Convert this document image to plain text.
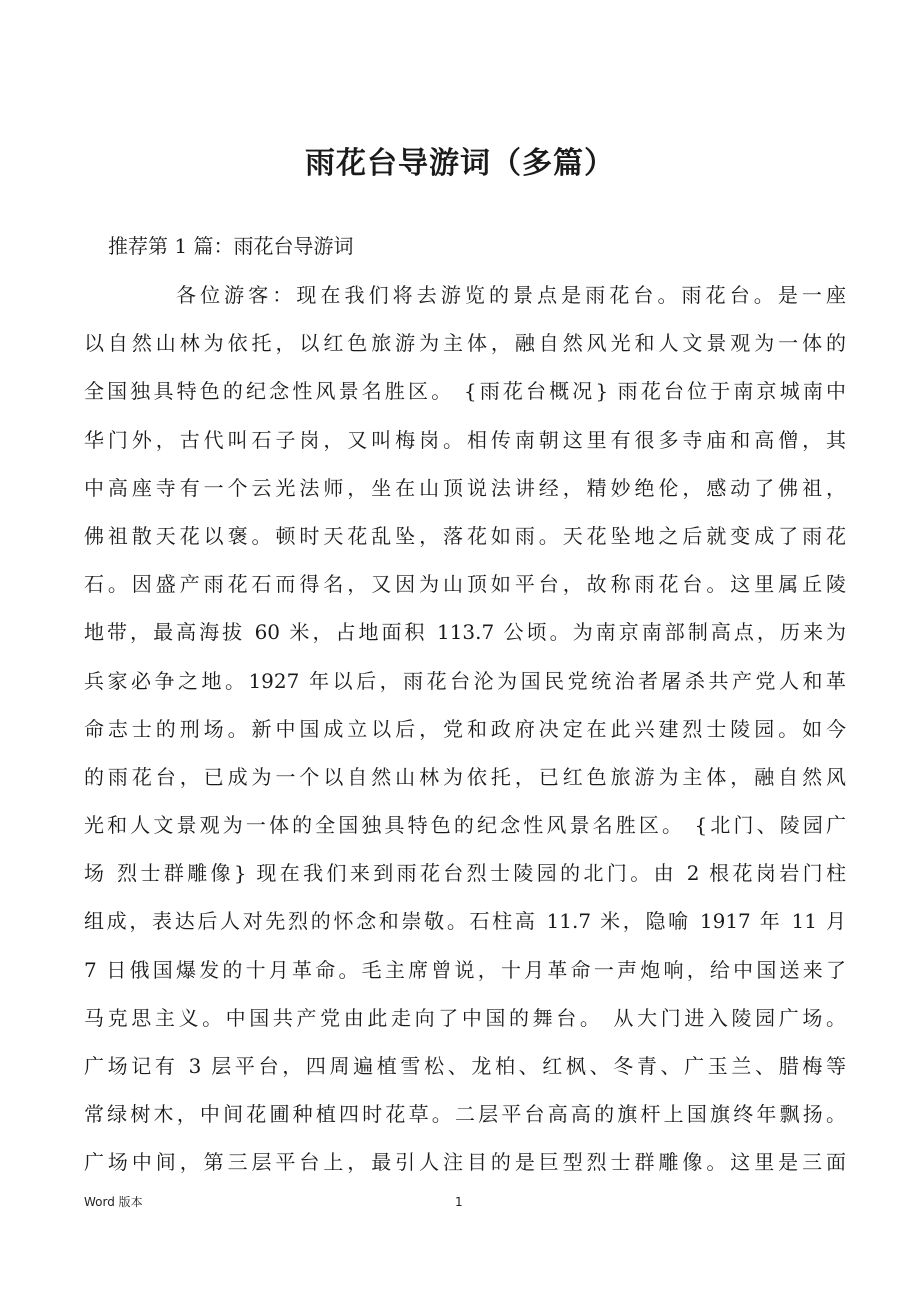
雨花台导游词（多篇）
推荐第 1 篇：雨花台导游词
各位游客：现在我们将去游览的景点是雨花台。雨花台。是一座
以自然山林为依托，以红色旅游为主体，融自然风光和人文景观为一体的
全国独具特色的纪念性风景名胜区。 {雨花台概况} 雨花台位于南京城南中
华门外，古代叫石子岗，又叫梅岗。相传南朝这里有很多寺庙和高僧，其
中高座寺有一个云光法师，坐在山顶说法讲经，精妙绝伦，感动了佛祖，
佛祖散天花以褒。顿时天花乱坠，落花如雨。天花坠地之后就变成了雨花
石。因盛产雨花石而得名，又因为山顶如平台，故称雨花台。这里属丘陵
地带，最高海拔 60 米，占地面积 113.7 公顷。为南京南部制高点，历来为
兵家必争之地。1927 年以后，雨花台沦为国民党统治者屠杀共产党人和革
命志士的刑场。新中国成立以后，党和政府决定在此兴建烈士陵园。如今
的雨花台，已成为一个以自然山林为依托，已红色旅游为主体，融自然风
光和人文景观为一体的全国独具特色的纪念性风景名胜区。 {北门、陵园广
场 烈士群雕像} 现在我们来到雨花台烈士陵园的北门。由 2 根花岗岩门柱
组成，表达后人对先烈的怀念和崇敬。石柱高 11.7 米，隐喻 1917 年 11 月
7 日俄国爆发的十月革命。毛主席曾说，十月革命一声炮响，给中国送来了
马克思主义。中国共产党由此走向了中国的舞台。 从大门进入陵园广场。
广场记有 3 层平台，四周遍植雪松、龙柏、红枫、冬青、广玉兰、腊梅等
常绿树木，中间花圃种植四时花草。二层平台高高的旗杆上国旗终年飘扬。
广场中间，第三层平台上，最引人注目的是巨型烈士群雕像。这里是三面
Word 版本	1
